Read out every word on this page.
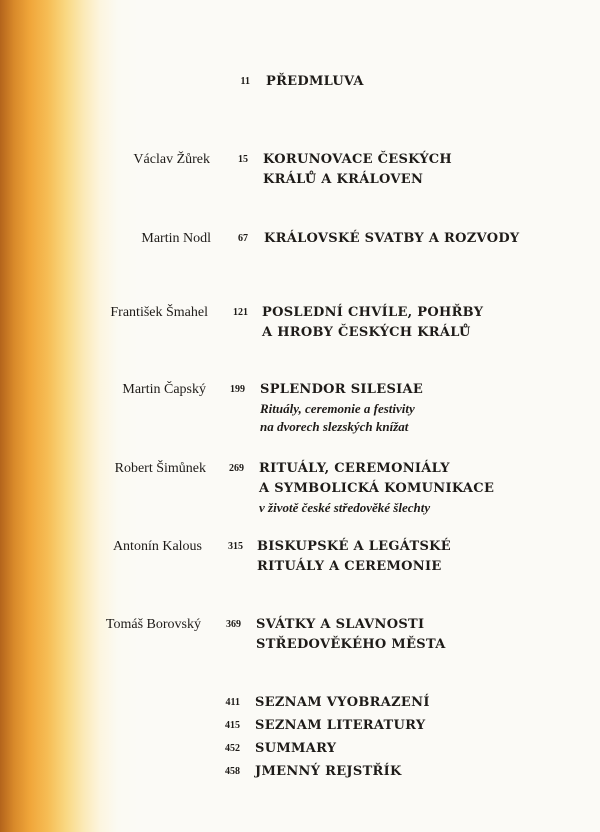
11 PŘEDMLUVA
Václav Žůrek	15 KORUNOVACE ČESKÝCH
KRÁLŮ A KRÁLOVEN
Martin Nodl	67 KRÁLOVSKÉ SVATBY A ROZVODY
František Šmahel	121 POSLEDNÍ CHVÍLE, POHŘBY
A HROBY ČESKÝCH KRÁLŮ
Martin Čapský	199 SPLENDOR SILESIAE
Rituály, ceremonie a festivity
na dvorech slezských knížat
Robert Šimůnek	269 RITUÁLY, CEREMONIÁLY
A SYMBOLICKÁ KOMUNIKACE
v životě české středověké šlechty
Antonín Kalous	315 BISKUPSKÉ A LEGÁTSKÉ
RITUÁLY A CEREMONIE
Tomáš Borovský	369 SVÁTKY A SLAVNOSTI
STŘEDOVĚKÉHO MĚSTA
411 SEZNAM VYOBRAZENÍ
415 SEZNAM LITERATURY
452 SUMMARY
458 JMENNÝ REJSTŘÍK
